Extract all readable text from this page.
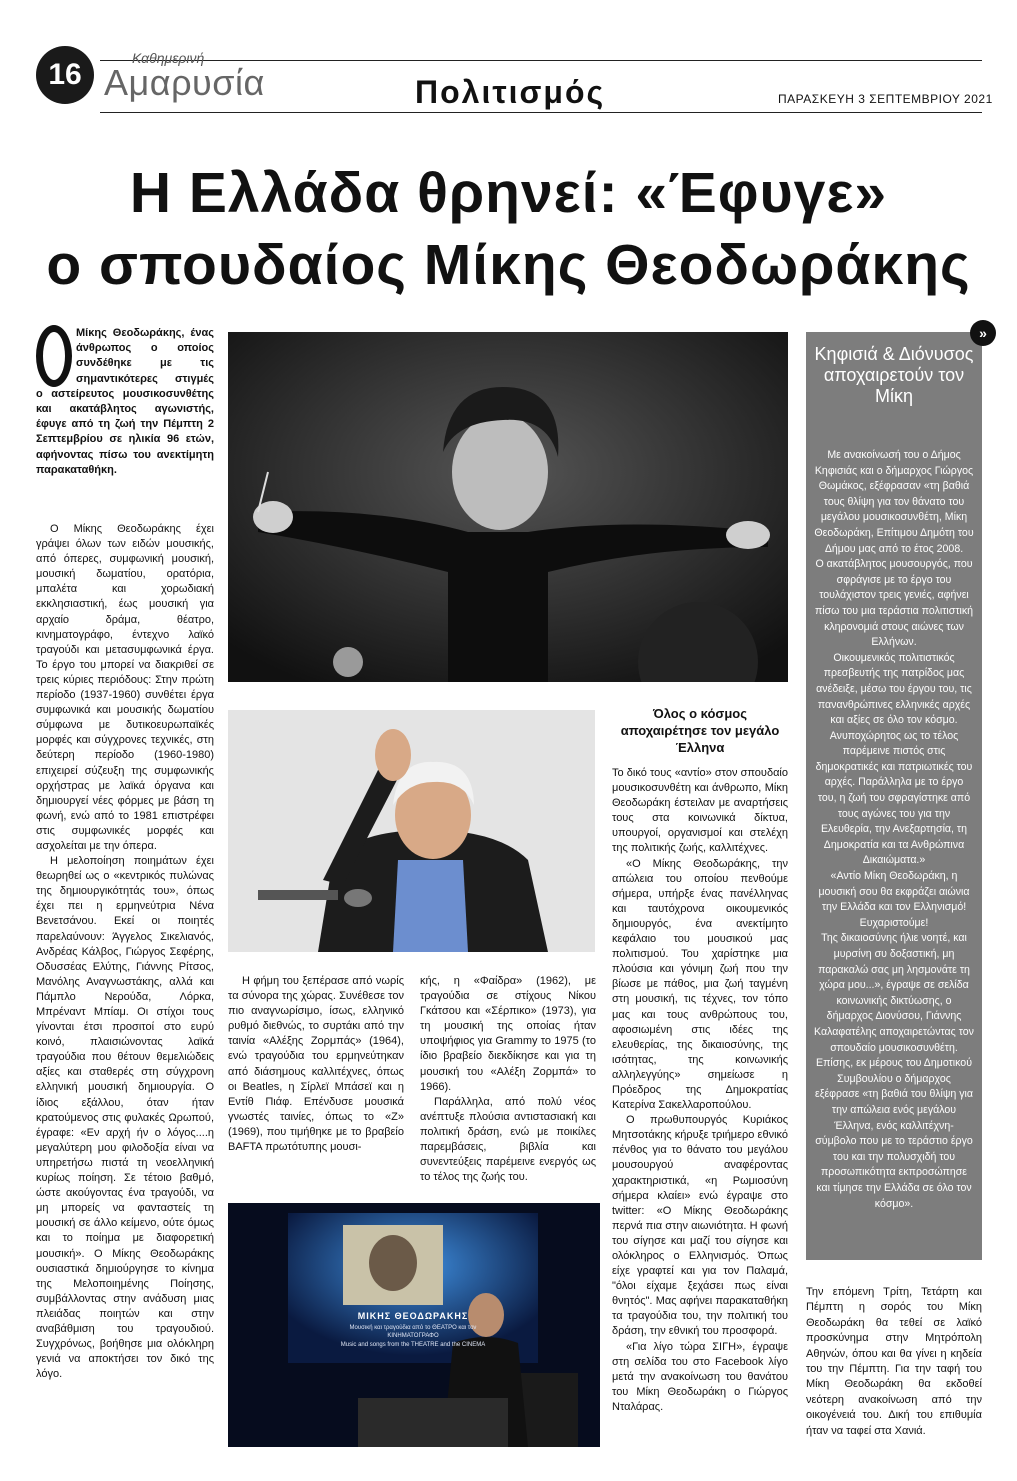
16	Καθημερινή
Αμαρυσία	Πολιτισμός	ΠΑΡΑΣΚΕΥΗ 3 ΣΕΠΤΕΜΒΡΙΟΥ 2021
Η Ελλάδα θρηνεί: «Έφυγε»
ο σπουδαίος Μίκης Θεοδωράκης
Μίκης Θεοδωράκης, ένας άνθρωπος ο οποίος συνδέθηκε με τις σημαντικότερες στιγμές
ο αστείρευτος μουσικοσυνθέτης και ακατάβλητος αγωνιστής, έφυγε από τη ζωή την Πέμπτη 2 Σεπτεμβρίου σε ηλικία 96 ετών, αφήνοντας πίσω του ανεκτίμητη παρακαταθήκη.

Ο Μίκης Θεοδωράκης έχει γράψει όλων των ειδών μουσικής, από όπερες, συμφωνική μουσική, μουσική δωματίου, ορατόρια, μπαλέτα και χορωδιακή εκκλησιαστική, έως μουσική για αρχαίο δράμα, θέατρο, κινηματογράφο, έντεχνο λαϊκό τραγούδι και μετασυμφωνικά έργα. Το έργο του μπορεί να διακριθεί σε τρεις κύριες περιόδους: Στην πρώτη περίοδο (1937-1960) συνθέτει έργα συμφωνικά και μουσικής δωματίου σύμφωνα με δυτικοευρωπαϊκές μορφές και σύγχρονες τεχνικές, στη δεύτερη περίοδο (1960-1980) επιχειρεί σύζευξη της συμφωνικής ορχήστρας με λαϊκά όργανα και δημιουργεί νέες φόρμες με βάση τη φωνή, ενώ από το 1981 επιστρέφει στις συμφωνικές μορφές και ασχολείται με την όπερα.

Η μελοποίηση ποιημάτων έχει θεωρηθεί ως ο «κεντρικός πυλώνας της δημιουργικότητάς του», όπως έχει πει η ερμηνεύτρια Νένα Βενετσάνου. Εκεί οι ποιητές παρελαύνουν: Άγγελος Σικελιανός, Ανδρέας Κάλβος, Γιώργος Σεφέρης, Οδυσσέας Ελύτης, Γιάννης Ρίτσος, Μανόλης Αναγνωστάκης, αλλά και Πάμπλο Νερούδα, Λόρκα, Μπρέναντ Μπίαμ. Οι στίχοι τους γίνονται έτσι προσιτοί στο ευρύ κοινό, πλαισιώνοντας λαϊκά τραγούδια που θέτουν θεμελιώδεις αξίες και σταθερές στη σύγχρονη ελληνική μουσική δημιουργία. Ο ίδιος εξάλλου, όταν ήταν κρατούμενος στις φυλακές Ωρωπού, έγραφε: «Εν αρχή ήν ο λόγος....η μεγαλύτερη μου φιλοδοξία είναι να υπηρετήσω πιστά τη νεοελληνική κυρίως ποίηση. Σε τέτοιο βαθμό, ώστε ακούγοντας ένα τραγούδι, να μη μπορείς να φανταστείς τη μουσική σε άλλο κείμενο, ούτε όμως και το ποίημα με διαφορετική μουσική». Ο Μίκης Θεοδωράκης ουσιαστικά δημιούργησε το κίνημα της Μελοποιημένης Ποίησης, συμβάλλοντας στην ανάδυση μιας πλειάδας ποιητών και στην αναβάθμιση του τραγουδιού. Συγχρόνως, βοήθησε μια ολόκληρη γενιά να αποκτήσει τον δικό της λόγο.

Όλος ο κόσμος αποχαιρέτησε τον μεγάλο Έλληνα

Το δικό τους «αντίο» στον σπουδαίο μουσικοσυνθέτη και άνθρωπο, Μίκη Θεοδωράκη έστειλαν με αναρτήσεις τους στα κοινωνικά δίκτυα, υπουργοί, οργανισμοί και στελέχη της πολιτικής ζωής, καλλιτέχνες.

«Ο Μίκης Θεοδωράκης, την απώλεια του οποίου πενθούμε σήμερα, υπήρξε ένας πανέλληνας και ταυτόχρονα οικουμενικός δημιουργός, ένα ανεκτίμητο κεφάλαιο του μουσικού μας πολιτισμού. Του χαρίστηκε μια πλούσια και γόνιμη ζωή που την βίωσε με πάθος, μια ζωή ταγμένη στη μουσική, τις τέχνες, τον τόπο μας και τους ανθρώπους του, αφοσιωμένη στις ιδέες της ελευθερίας, της δικαιοσύνης, της ισότητας, της κοινωνικής αλληλεγγύης» σημείωσε η Πρόεδρος της Δημοκρατίας Κατερίνα Σακελλαροπούλου.

Ο πρωθυπουργός Κυριάκος Μητσοτάκης κήρυξε τριήμερο εθνικό πένθος για το θάνατο του μεγάλου μουσουργού αναφέροντας χαρακτηριστικά, «η Ρωμιοσύνη σήμερα κλαίει» ενώ έγραψε στο twitter: «Ο Μίκης Θεοδωράκης περνά πια στην αιωνιότητα. Η φωνή του σίγησε και μαζί του σίγησε και ολόκληρος ο Ελληνισμός. Όπως είχε γραφτεί και για τον Παλαμά, "όλοι είχαμε ξεχάσει πως είναι θνητός". Μας αφήνει παρακαταθήκη τα τραγούδια του, την πολιτική του δράση, την εθνική του προσφορά.

«Για λίγο τώρα ΣΙΓΗ», έγραψε στη σελίδα του στο Facebook λίγο μετά την ανακοίνωση του θανάτου του Μίκη Θεοδωράκη ο Γιώργος Νταλάρας.

Η φήμη του ξεπέρασε από νωρίς τα σύνορα της χώρας. Συνέθεσε τον πιο αναγνωρίσιμο, ίσως, ελληνικό ρυθμό διεθνώς, το συρτάκι από την ταινία «Αλέξης Ζορμπάς» (1964), ενώ τραγούδια του ερμηνεύτηκαν από διάσημους καλλιτέχνες, όπως οι Beatles, η Σίρλεϊ Μπάσεϊ και η Εντίθ Πιάφ. Επένδυσε μουσικά γνωστές ταινίες, όπως το «Ζ» (1969), που τιμήθηκε με το βραβείο BAFTA πρωτότυπης μουσι-

κής, η «Φαίδρα» (1962), με τραγούδια σε στίχους Νίκου Γκάτσου και «Σέρπικο» (1973), για τη μουσική της οποίας ήταν υποψήφιος για Grammy το 1975 (το ίδιο βραβείο διεκδίκησε και για τη μουσική του «Αλέξη Ζορμπά» το 1966).

Παράλληλα, από πολύ νέος ανέπτυξε πλούσια αντιστασιακή και πολιτική δράση, ενώ με ποικίλες παρεμβάσεις, βιβλία και συνεντεύξεις παρέμεινε ενεργός ως το τέλος της ζωής του.

ΜΙΚΗΣ ΘΕΟΔΩΡΑΚΗΣ
Μουσική και τραγούδια από το ΘΕΑΤΡΟ και τον ΚΙΝΗΜΑΤΟΓΡΑΦΟ
Music and songs from the THEATRE and the CINEMA
»
Κηφισιά & Διόνυσος αποχαιρετούν τον Μίκη

Με ανακοίνωσή του ο Δήμος Κηφισιάς και ο δήμαρχος Γιώργος Θωμάκος, εξέφρασαν «τη βαθιά τους θλίψη για τον θάνατο του μεγάλου μουσικοσυνθέτη, Μίκη Θεοδωράκη, Επίτιμου Δημότη του Δήμου μας από το έτος 2008.

Ο ακατάβλητος μουσουργός, που σφράγισε με το έργο του τουλάχιστον τρεις γενιές, αφήνει πίσω του μια τεράστια πολιτιστική κληρονομιά στους αιώνες των Ελλήνων.

Οικουμενικός πολιτιστικός πρεσβευτής της πατρίδος μας ανέδειξε, μέσω του έργου του, τις πανανθρώπινες ελληνικές αρχές και αξίες σε όλο τον κόσμο.

Ανυποχώρητος ως το τέλος παρέμεινε πιστός στις δημοκρατικές και πατριωτικές του αρχές. Παράλληλα με το έργο του, η ζωή του σφραγίστηκε από τους αγώνες του για την Ελευθερία, την Ανεξαρτησία, τη Δημοκρατία και τα Ανθρώπινα Δικαιώματα.»

«Αντίο Μίκη Θεοδωράκη, η μουσική σου θα εκφράζει αιώνια την Ελλάδα και τον Ελληνισμό! Ευχαριστούμε!

Της δικαιοσύνης ήλιε νοητέ, και μυρσίνη συ δοξαστική, μη παρακαλώ σας μη λησμονάτε τη χώρα μου...», έγραψε σε σελίδα κοινωνικής δικτύωσης, ο δήμαρχος Διονύσου, Γιάννης Καλαφατέλης αποχαιρετώντας τον σπουδαίο μουσικοσυνθέτη.

Επίσης, εκ μέρους του Δημοτικού Συμβουλίου ο δήμαρχος εξέφρασε «τη βαθιά του θλίψη για την απώλεια ενός μεγάλου Έλληνα, ενός καλλιτέχνη-σύμβολο που με το τεράστιο έργο του και την πολυσχιδή του προσωπικότητα εκπροσώπησε και τίμησε την Ελλάδα σε όλο τον κόσμο».

Την επόμενη Τρίτη, Τετάρτη και Πέμπτη η σορός του Μίκη Θεοδωράκη θα τεθεί σε λαϊκό προσκύνημα στην Μητρόπολη Αθηνών, όπου και θα γίνει η κηδεία του την Πέμπτη. Για την ταφή του Μίκη Θεοδωράκη θα εκδοθεί νεότερη ανακοίνωση από την οικογένειά του. Δική του επιθυμία ήταν να ταφεί στα Χανιά.
